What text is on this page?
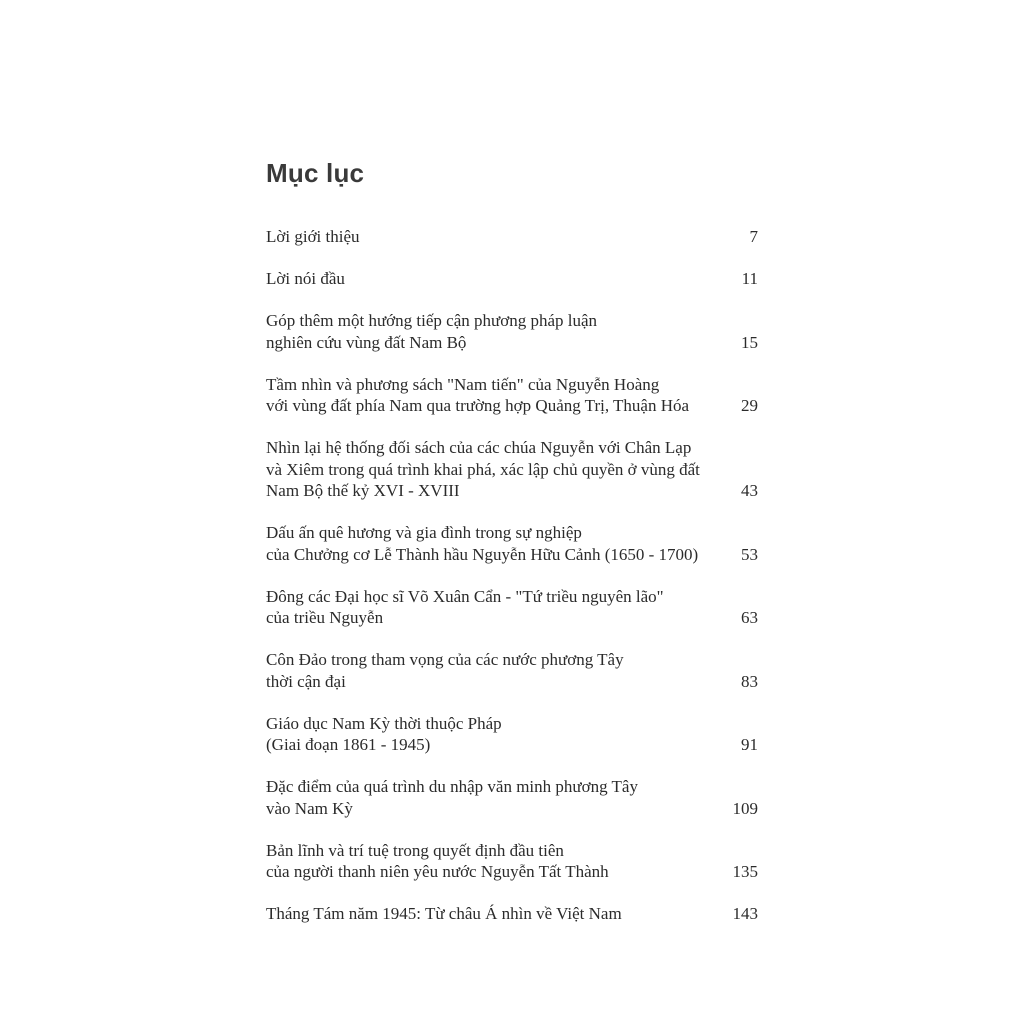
Mục lục
Lời giới thiệu	7
Lời nói đầu	11
Góp thêm một hướng tiếp cận phương pháp luận
nghiên cứu vùng đất Nam Bộ	15
Tầm nhìn và phương sách "Nam tiến" của Nguyễn Hoàng
với vùng đất phía Nam qua trường hợp Quảng Trị, Thuận Hóa	29
Nhìn lại hệ thống đối sách của các chúa Nguyễn với Chân Lạp
và Xiêm trong quá trình khai phá, xác lập chủ quyền ở vùng đất
Nam Bộ thế kỷ XVI - XVIII	43
Dấu ấn quê hương và gia đình trong sự nghiệp
của Chưởng cơ Lễ Thành hầu Nguyễn Hữu Cảnh (1650 - 1700)	53
Đông các Đại học sĩ Võ Xuân Cẩn - "Tứ triều nguyên lão"
của triều Nguyễn	63
Côn Đảo trong tham vọng của các nước phương Tây
thời cận đại	83
Giáo dục Nam Kỳ thời thuộc Pháp
(Giai đoạn 1861 - 1945)	91
Đặc điểm của quá trình du nhập văn minh phương Tây
vào Nam Kỳ	109
Bản lĩnh và trí tuệ trong quyết định đầu tiên
của người thanh niên yêu nước Nguyễn Tất Thành	135
Tháng Tám năm 1945: Từ châu Á nhìn về Việt Nam	143
